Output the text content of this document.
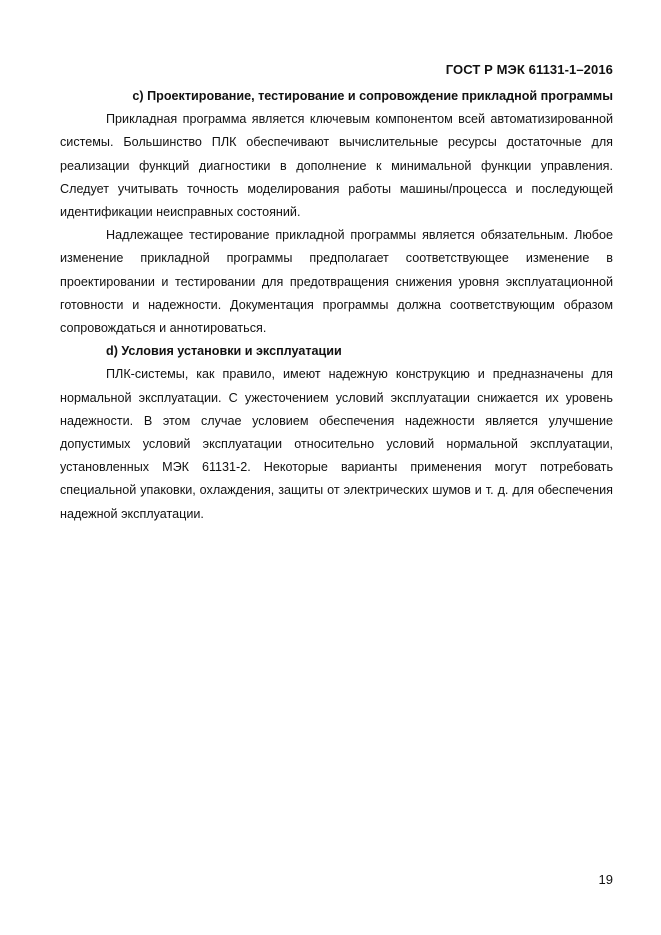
ГОСТ Р МЭК 61131-1–2016

с) Проектирование, тестирование и сопровождение прикладной программы

Прикладная программа является ключевым компонентом всей автоматизированной системы. Большинство ПЛК обеспечивают вычислительные ресурсы достаточные для реализации функций диагностики в дополнение к минимальной функции управления. Следует учитывать точность моделирования работы машины/процесса и последующей идентификации неисправных состояний.

Надлежащее тестирование прикладной программы является обязательным. Любое изменение прикладной программы предполагает соответствующее изменение в проектировании и тестировании для предотвращения снижения уровня эксплуатационной готовности и надежности. Документация программы должна соответствующим образом сопровождаться и аннотироваться.

d) Условия установки и эксплуатации

ПЛК-системы, как правило, имеют надежную конструкцию и предназначены для нормальной эксплуатации. С ужесточением условий эксплуатации снижается их уровень надежности. В этом случае условием обеспечения надежности является улучшение допустимых условий эксплуатации относительно условий нормальной эксплуатации, установленных МЭК 61131-2. Некоторые варианты применения могут потребовать специальной упаковки, охлаждения, защиты от электрических шумов и т. д. для обеспечения надежной эксплуатации.

19
